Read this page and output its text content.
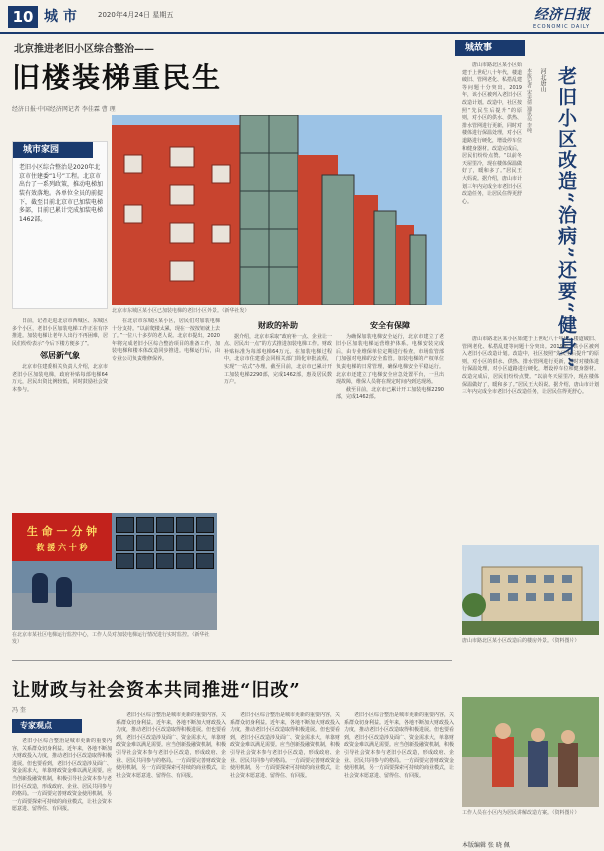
10 城 市	2020年4月24日 星期五	经济日报
ECONOMIC DAILY
北京推进老旧小区综合整治——
旧楼装梯重民生
经济日报·中国经济网记者 李佳霖 曹 理
北京市东城区某小区已加装电梯的老旧小区外景。（新华社发）
城市家园
老旧小区综合整治是2020年北京市住建委“1号”工程。北京市出台了一系列政策，推动电梯加装有效落地。各单位全员的前提下，截至目前北京市已加装电梯多部，目前已累计完成加装电梯1462部。

日前，记者走进北京市西城区、东城区多个小区，老旧小区加装电梯工作正在有序推进。加装电梯让老年人出行不再困难，居民们纷纷表示“今后下楼方便多了”。

邻居新气象

北京市住建委相关负责人介绍，北京市老旧小区加装电梯，政府补贴每部电梯64万元，居民出资比例较低，同时鼓励社会资本参与。

在北京市东城区某小区，居民们对加装电梯十分支持。“以前爬楼太累，现在一按按钮就上去了。”一位八十多岁的老人说。北京市提出，2020年将完成老旧小区综合整治项目的准备工作，加装电梯和楼本体改造同步推进。电梯运行后，由专业公司负责维修保养。

财政的补助

据介绍，北京市采取“政府补一点、企业让一点、居民出一点”的方式推进加装电梯工作。财政补贴标准为每部电梯64万元。在加装电梯过程中，北京市住建委会同相关部门简化审批流程，实现“一站式”办理。截至目前，北京市已累计开工加装电梯2290部，完成1462部，惠及居民数万户。

安全有保障

为确保加装电梯安全运行，北京市建立了老旧小区加装电梯运营维护体系。电梯安装完成后，由专业维保单位定期进行检查，市场监管部门加强对电梯的安全监管。加装电梯的产权单位负责电梯的日常管理，确保电梯安全平稳运行。北京市还建立了电梯安全应急处置平台，一旦出现故障，维保人员将在规定时间内到达现场。

截至目前，北京市已累计开工加装电梯2290部，完成1462部。

生 命 一 分 钟
救 援 六 十 秒
在北京市某社区电梯运行监控中心，工作人员对加装电梯运行情况进行实时监控。（新华社发）
城故事
老旧小区改造“治病”还要“健身”
河北唐山
本报记者 宋美倩 通讯员 李纯

唐山市路北区某小区始建于上世纪八十年代，楼道破旧、管网老化、私搭乱建等问题十分突出。2019年，该小区被列入老旧小区改造计划。改造中，社区按照“先民生后提升”的原则，对小区的供水、供热、排水管网进行更新，同时对楼体进行保温处理，对小区道路进行硬化，增设停车位和健身器材。改造完成后，居民们纷纷点赞。“以前冬天屋里冷，现在楼体保温做好了，暖和多了。”居民王大妈说。据介绍，唐山市计划三年内完成全市老旧小区改造任务，让居民住得更舒心。

唐山市路北区某小区始建于上世纪八十年代，楼道破旧、管网老化、私搭乱建等问题十分突出。2019年，该小区被列入老旧小区改造计划。改造中，社区按照“先民生后提升”的原则，对小区的供水、供热、排水管网进行更新，同时对楼体进行保温处理，对小区道路进行硬化，增设停车位和健身器材。改造完成后，居民们纷纷点赞。“以前冬天屋里冷，现在楼体保温做好了，暖和多了。”居民王大妈说。据介绍，唐山市计划三年内完成全市老旧小区改造任务，让居民住得更舒心。

唐山市路北区某小区改造后的楼房外景。（资料图片）
工作人员在小区内为居民讲解改造方案。（资料图片）
让财政与社会资本共同推进“旧改”
冯 奎
专家观点

老旧小区综合整治是城市更新的重要内容，关系群众切身利益。近年来，各地不断加大财政投入力度，推动老旧小区改造取得积极进展。但也要看到，老旧小区改造涉及面广、资金需求大，单靠财政资金难以满足需要。应当创新投融资机制，积极引导社会资本参与老旧小区改造，形成政府、企业、居民共同参与的格局。一方面要完善财政资金使用机制，另一方面要探索可持续的商业模式，让社会资本愿意进、留得住、有回报。

老旧小区综合整治是城市更新的重要内容，关系群众切身利益。近年来，各地不断加大财政投入力度，推动老旧小区改造取得积极进展。但也要看到，老旧小区改造涉及面广、资金需求大，单靠财政资金难以满足需要。应当创新投融资机制，积极引导社会资本参与老旧小区改造，形成政府、企业、居民共同参与的格局。一方面要完善财政资金使用机制，另一方面要探索可持续的商业模式，让社会资本愿意进、留得住、有回报。

老旧小区综合整治是城市更新的重要内容，关系群众切身利益。近年来，各地不断加大财政投入力度，推动老旧小区改造取得积极进展。但也要看到，老旧小区改造涉及面广、资金需求大，单靠财政资金难以满足需要。应当创新投融资机制，积极引导社会资本参与老旧小区改造，形成政府、企业、居民共同参与的格局。一方面要完善财政资金使用机制，另一方面要探索可持续的商业模式，让社会资本愿意进、留得住、有回报。

老旧小区综合整治是城市更新的重要内容，关系群众切身利益。近年来，各地不断加大财政投入力度，推动老旧小区改造取得积极进展。但也要看到，老旧小区改造涉及面广、资金需求大，单靠财政资金难以满足需要。应当创新投融资机制，积极引导社会资本参与老旧小区改造，形成政府、企业、居民共同参与的格局。一方面要完善财政资金使用机制，另一方面要探索可持续的商业模式，让社会资本愿意进、留得住、有回报。

本版编辑 张 晓 佩
